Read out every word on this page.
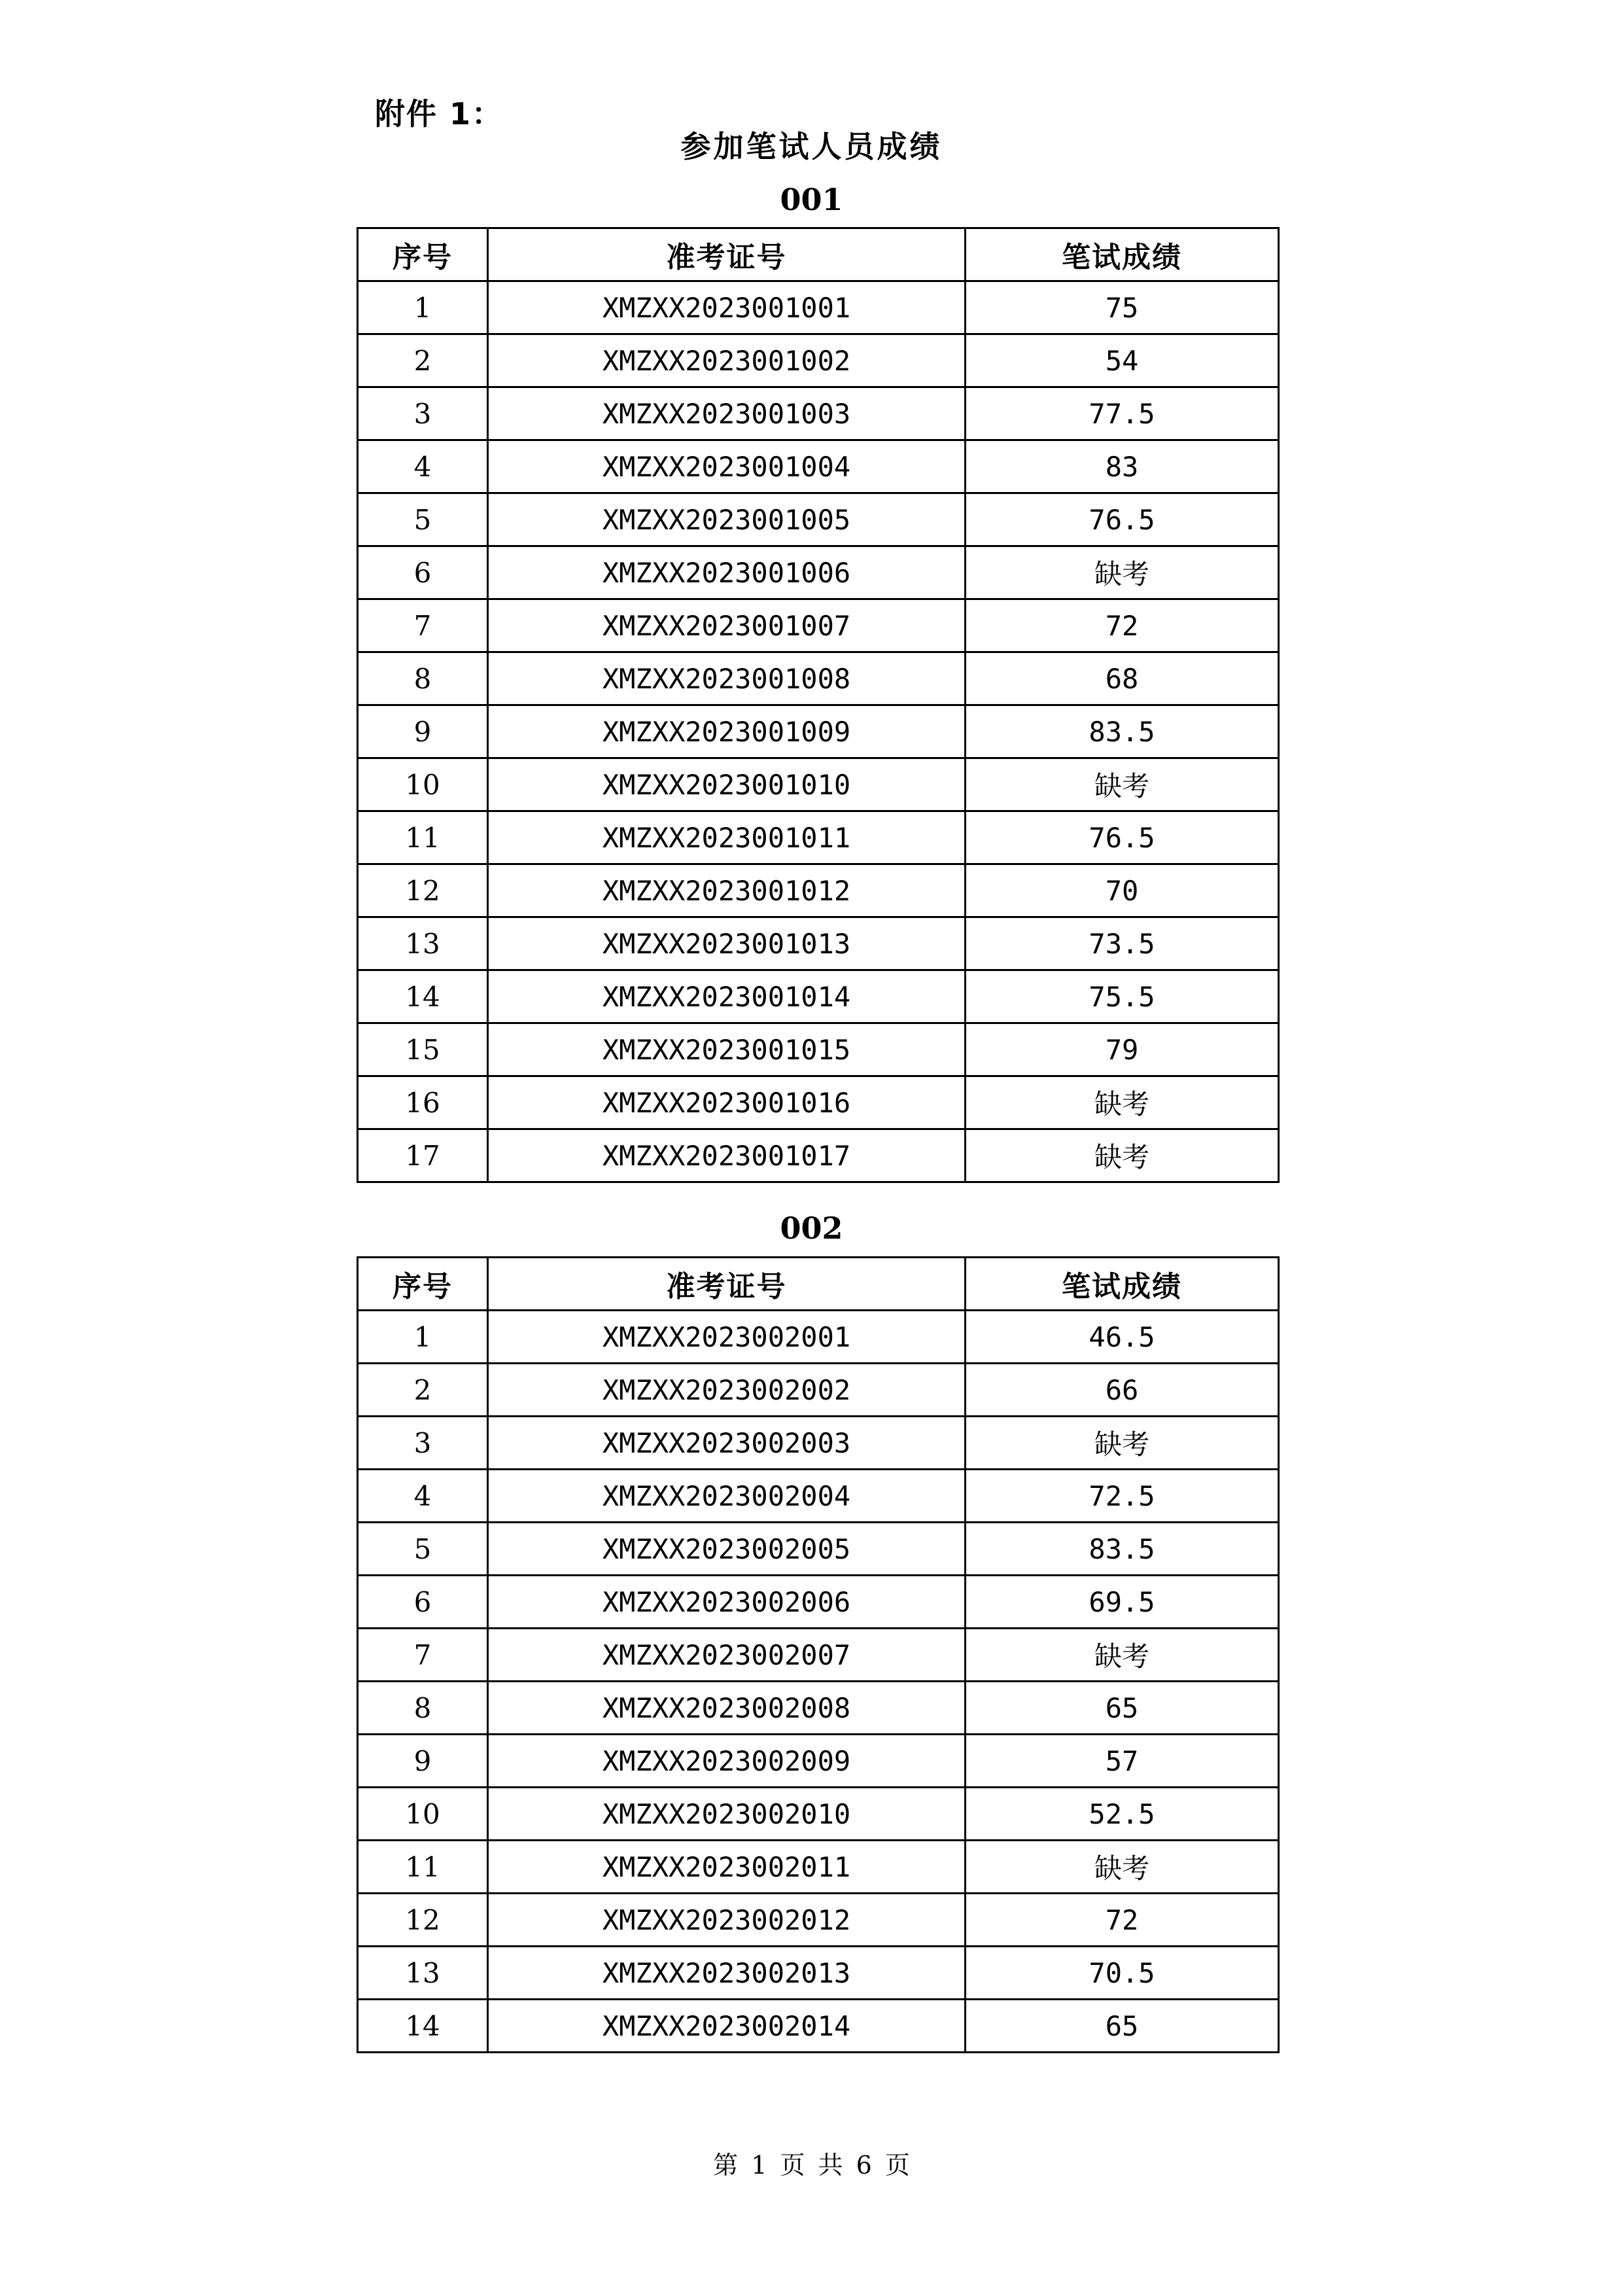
附件 1：
参加笔试人员成绩
001
序号	准考证号	笔试成绩
1	XMZXX2023001001	75
2	XMZXX2023001002	54
3	XMZXX2023001003	77.5
4	XMZXX2023001004	83
5	XMZXX2023001005	76.5
6	XMZXX2023001006	缺考
7	XMZXX2023001007	72
8	XMZXX2023001008	68
9	XMZXX2023001009	83.5
10	XMZXX2023001010	缺考
11	XMZXX2023001011	76.5
12	XMZXX2023001012	70
13	XMZXX2023001013	73.5
14	XMZXX2023001014	75.5
15	XMZXX2023001015	79
16	XMZXX2023001016	缺考
17	XMZXX2023001017	缺考
002
序号	准考证号	笔试成绩
1	XMZXX2023002001	46.5
2	XMZXX2023002002	66
3	XMZXX2023002003	缺考
4	XMZXX2023002004	72.5
5	XMZXX2023002005	83.5
6	XMZXX2023002006	69.5
7	XMZXX2023002007	缺考
8	XMZXX2023002008	65
9	XMZXX2023002009	57
10	XMZXX2023002010	52.5
11	XMZXX2023002011	缺考
12	XMZXX2023002012	72
13	XMZXX2023002013	70.5
14	XMZXX2023002014	65
第 1 页 共 6 页
